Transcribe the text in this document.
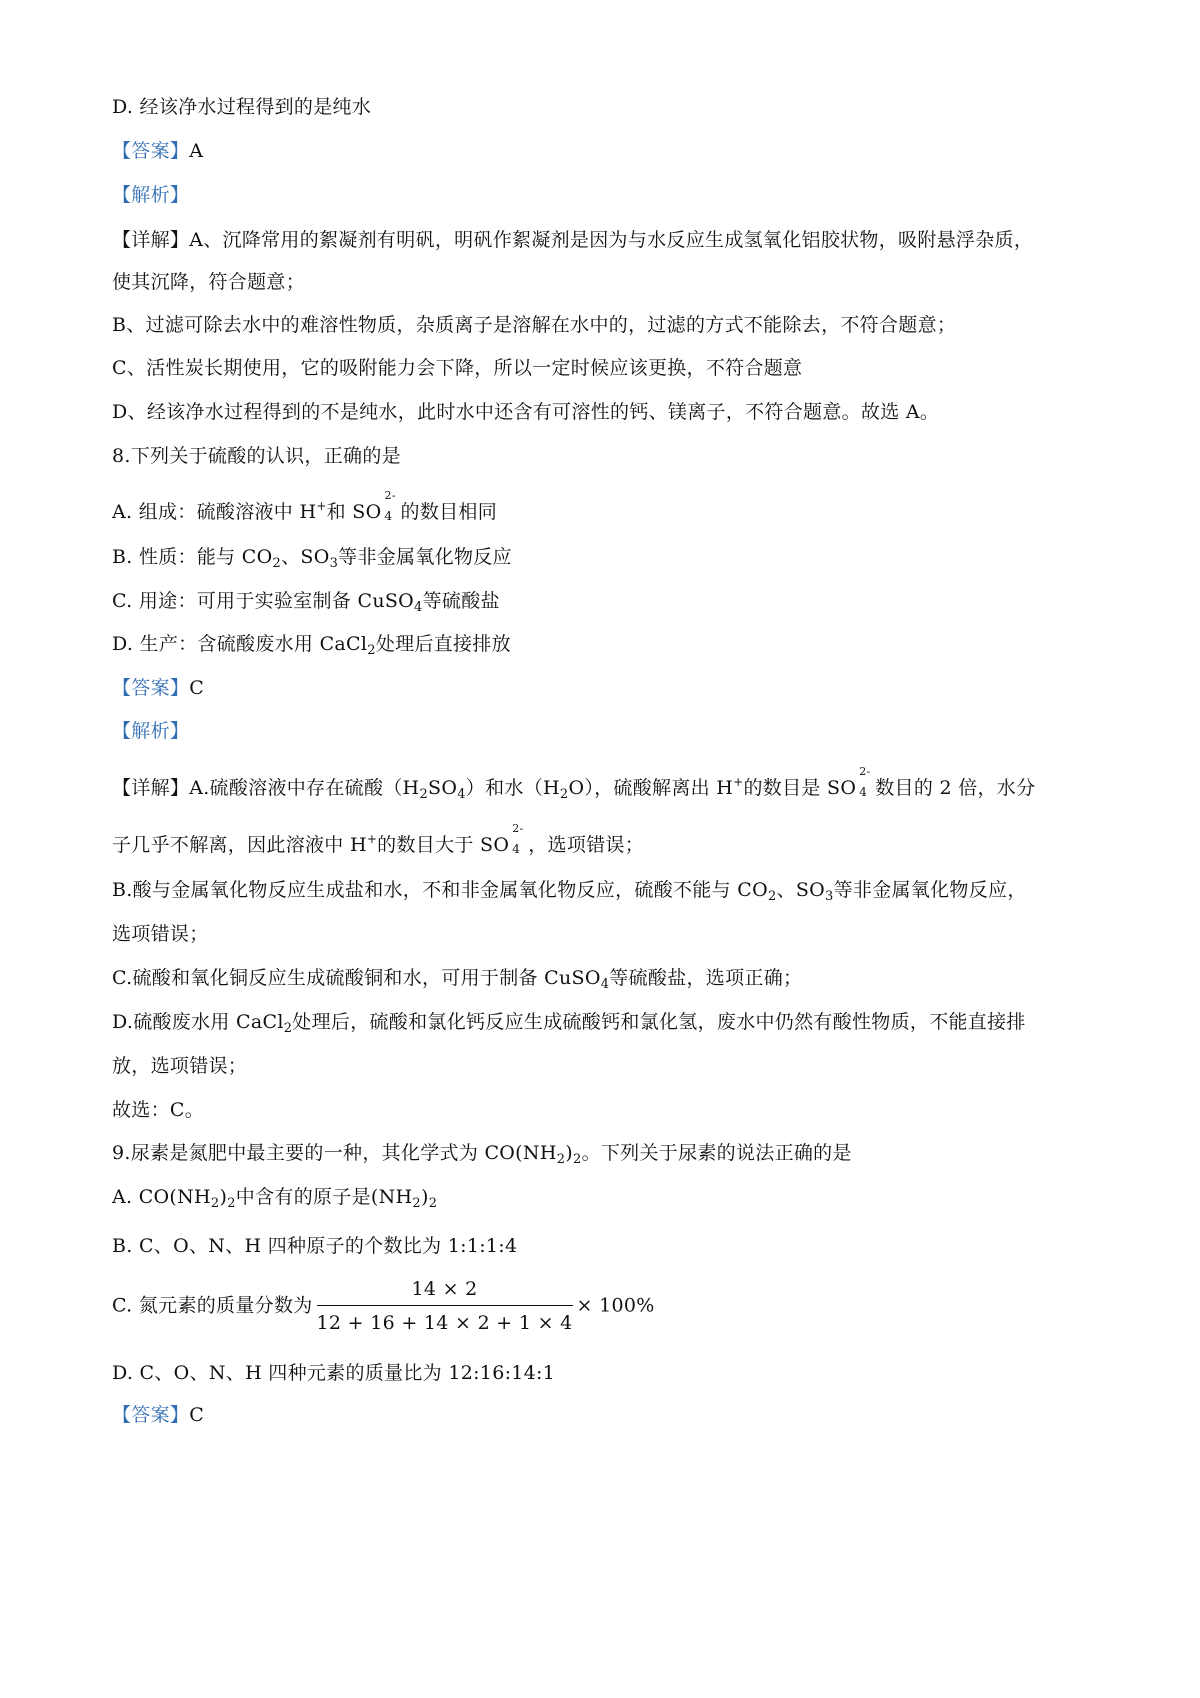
D. 经该净水过程得到的是纯水
【答案】A
【解析】
【详解】A、沉降常用的絮凝剂有明矾，明矾作絮凝剂是因为与水反应生成氢氧化铝胶状物，吸附悬浮杂质，
使其沉降，符合题意；
B、过滤可除去水中的难溶性物质，杂质离子是溶解在水中的，过滤的方式不能除去，不符合题意；
C、活性炭长期使用，它的吸附能力会下降，所以一定时候应该更换，不符合题意
D、经该净水过程得到的不是纯水，此时水中还含有可溶性的钙、镁离子，不符合题意。故选 A。
8.下列关于硫酸的认识，正确的是
A. 组成：硫酸溶液中 H+和 SO
2-
4 的数目相同
B. 性质：能与 $CO_2$、$SO_3$等非金属氧化物反应
C. 用途：可用于实验室制备 CuSO$_4$等硫酸盐
D. 生产：含硫酸废水用 CaCl$_2$处理后直接排放
【答案】C
【解析】
【详解】A.硫酸溶液中存在硫酸$(H_2SO_4)$和水$(H_2O)$，硫酸解离出 H+的数目是 SO
2-
4 数目的 2 倍，水分
子几乎不解离，因此溶液中 H+的数目大于 SO
2-
4 ，选项错误；
B.酸与金属氧化物反应生成盐和水，不和非金属氧化物反应，硫酸不能与 $CO_2$、$SO_3$等非金属氧化物反应，
选项错误；
C.硫酸和氧化铜反应生成硫酸铜和水，可用于制备 CuSO$_4$等硫酸盐，选项正确；
D.硫酸废水用 CaCl$_2$处理后，硫酸和氯化钙反应生成硫酸钙和氯化氢，废水中仍然有酸性物质，不能直接排
放，选项错误；
故选：C。
9.尿素是氮肥中最主要的一种，其化学式为 $CO(NH_2)_2$。下列关于尿素的说法正确的是
A. $CO(NH_2)_2$中含有的原子是$(NH_2)_2$
B. C、O、N、H 四种原子的个数比为 1:1:1:4
C. 氮元素的质量分数为 $\frac{14 \times 2}{12 + 16 + 14 \times 2 + 1 \times 4} \times 100\%$
D. C、O、N、H 四种元素的质量比为 12:16:14:1
【答案】C
